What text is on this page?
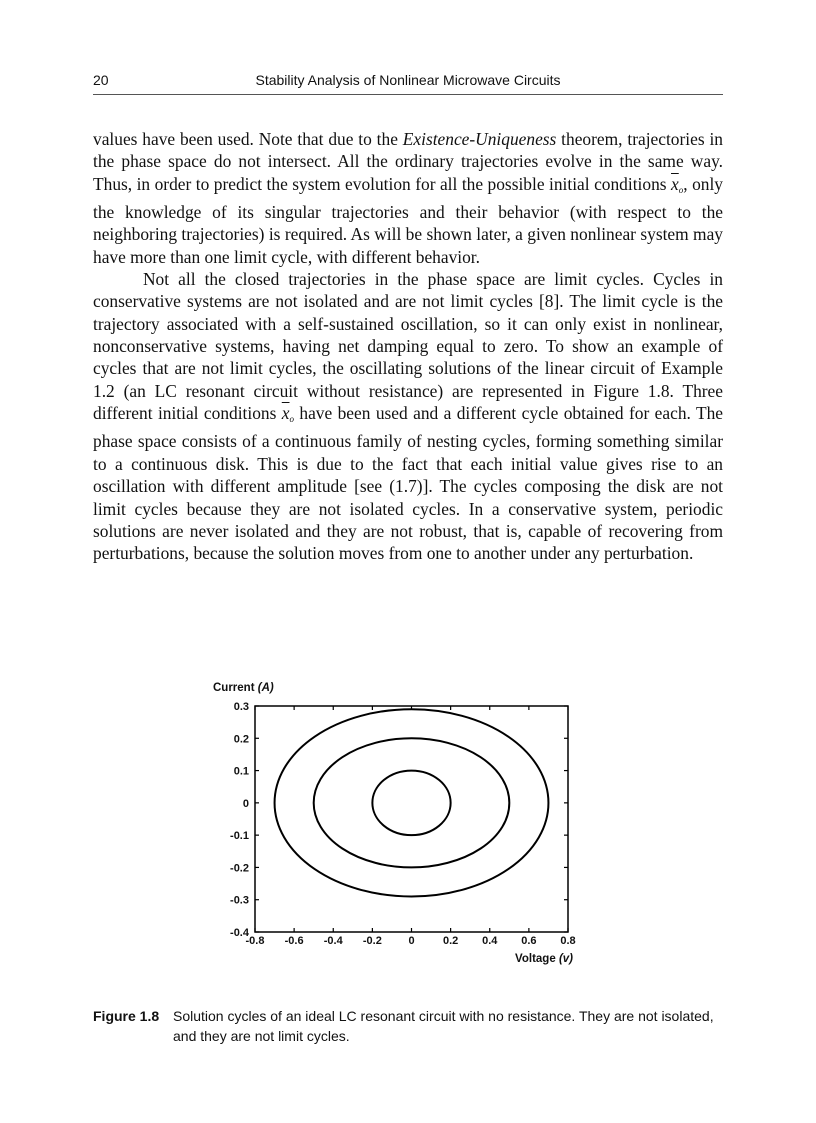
20	Stability Analysis of Nonlinear Microwave Circuits

values have been used. Note that due to the Existence-Uniqueness theorem, trajectories in the phase space do not intersect. All the ordinary trajectories evolve in the same way. Thus, in order to predict the system evolution for all the possible initial conditions $\overline{x}_o$, only the knowledge of its singular trajectories and their behavior (with respect to the neighboring trajectories) is required. As will be shown later, a given nonlinear system may have more than one limit cycle, with different behavior.

Not all the closed trajectories in the phase space are limit cycles. Cycles in conservative systems are not isolated and are not limit cycles [8]. The limit cycle is the trajectory associated with a self-sustained oscillation, so it can only exist in nonlinear, nonconservative systems, having net damping equal to zero. To show an example of cycles that are not limit cycles, the oscillating solutions of the linear circuit of Example 1.2 (an LC resonant circuit without resistance) are represented in Figure 1.8. Three different initial conditions $\overline{x}_o$ have been used and a different cycle obtained for each. The phase space consists of a continuous family of nesting cycles, forming something similar to a continuous disk. This is due to the fact that each initial value gives rise to an oscillation with different amplitude [see (1.7)]. The cycles composing the disk are not limit cycles because they are not isolated cycles. In a conservative system, periodic solutions are never isolated and they are not robust, that is, capable of recovering from perturbations, because the solution moves from one to another under any perturbation.

0.3
0.2
0.1
0
-0.1
-0.2
-0.3
-0.4
-0.8 -0.6 -0.4 -0.2 0	0.2 0.4 0.6 0.8
Current (A)
Voltage (v)
Figure 1.8 Solution cycles of an ideal LC resonant circuit with no resistance. They are not isolated, and they are not limit cycles.
